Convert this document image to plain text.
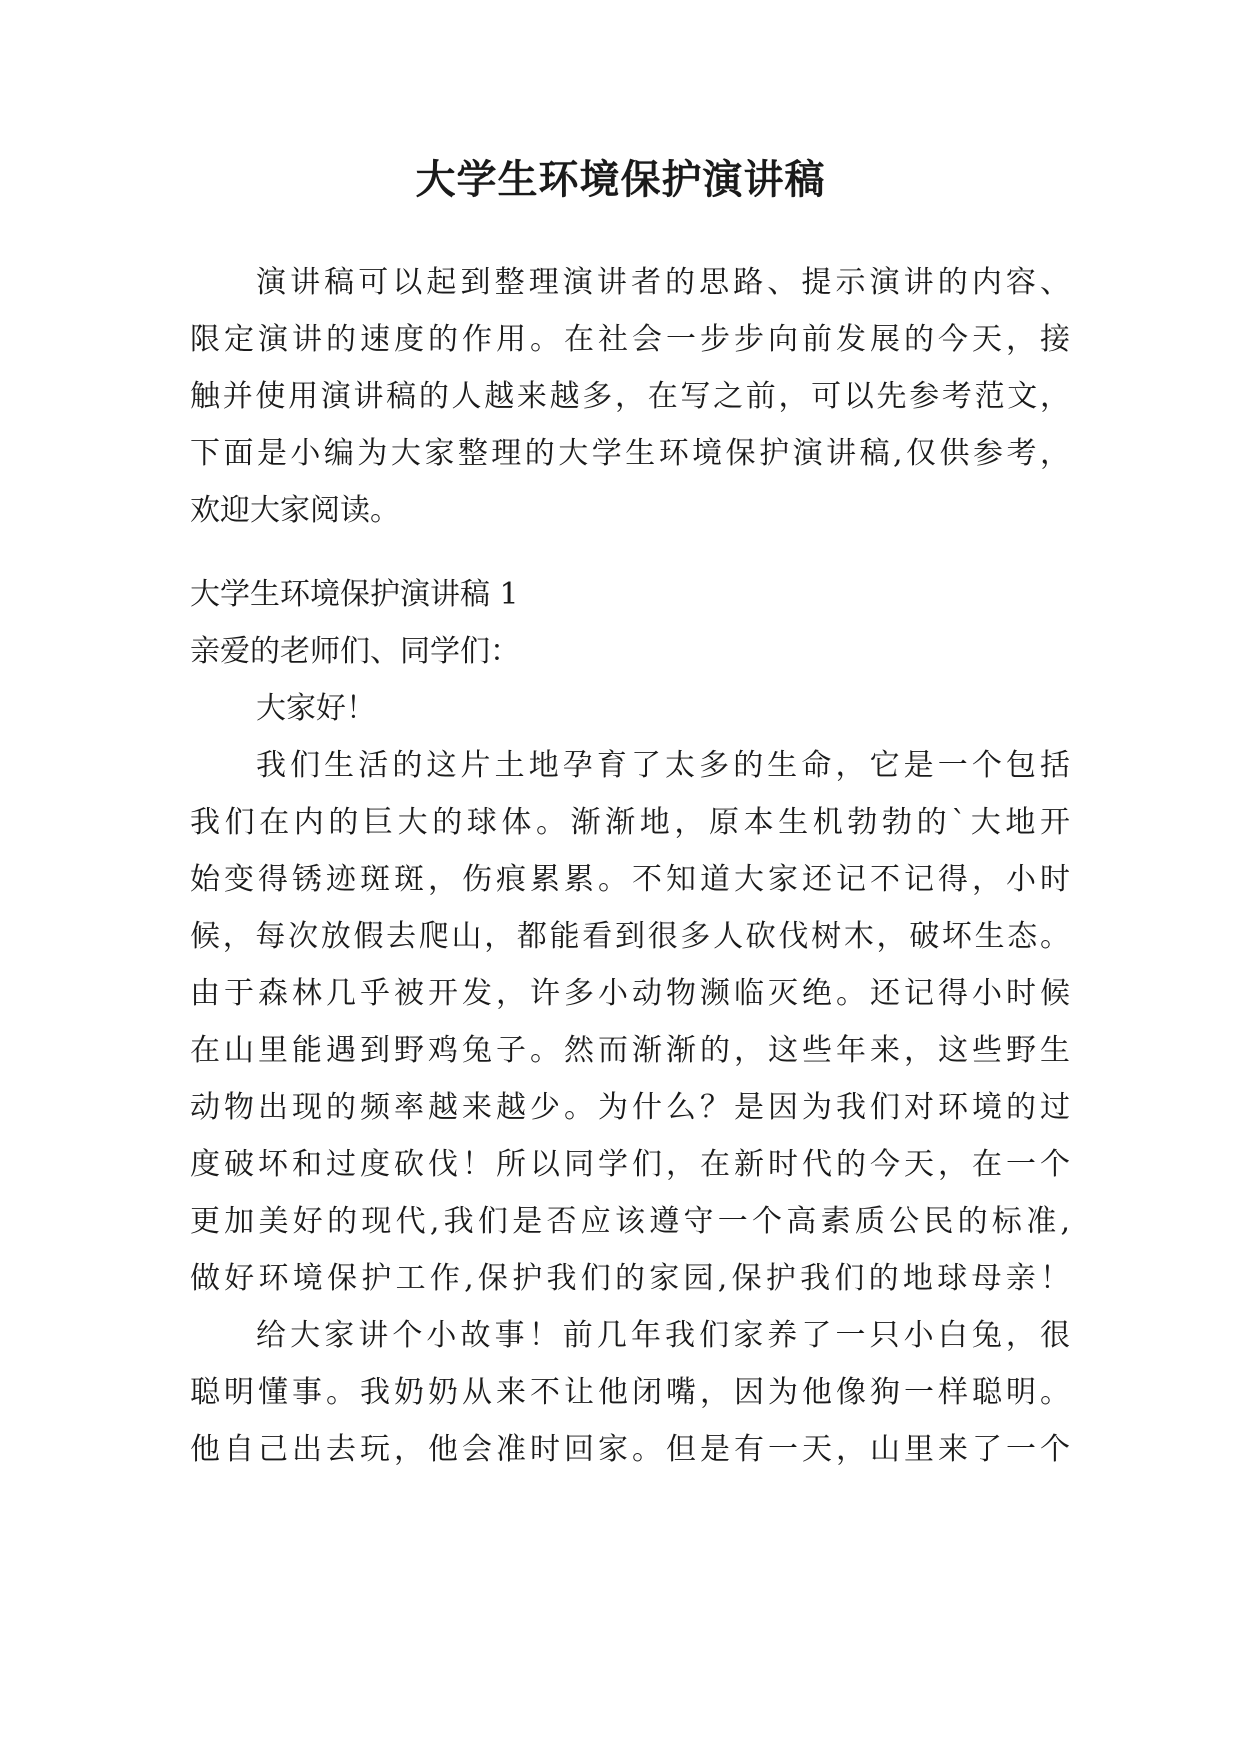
大学生环境保护演讲稿
演讲稿可以起到整理演讲者的思路、提示演讲的内容、
限定演讲的速度的作用。在社会一步步向前发展的今天，接
触并使用演讲稿的人越来越多，在写之前，可以先参考范文，
下面是小编为大家整理的大学生环境保护演讲稿,仅供参考，
欢迎大家阅读。
大学生环境保护演讲稿 1
亲爱的老师们、同学们：
大家好！
我们生活的这片土地孕育了太多的生命，它是一个包括
我们在内的巨大的球体。渐渐地，原本生机勃勃的`大地开
始变得锈迹斑斑，伤痕累累。不知道大家还记不记得，小时
候，每次放假去爬山，都能看到很多人砍伐树木，破坏生态。
由于森林几乎被开发，许多小动物濒临灭绝。还记得小时候
在山里能遇到野鸡兔子。然而渐渐的，这些年来，这些野生
动物出现的频率越来越少。为什么？是因为我们对环境的过
度破坏和过度砍伐！所以同学们，在新时代的今天，在一个
更加美好的现代,我们是否应该遵守一个高素质公民的标准,
做好环境保护工作,保护我们的家园,保护我们的地球母亲！
给大家讲个小故事！前几年我们家养了一只小白兔，很
聪明懂事。我奶奶从来不让他闭嘴，因为他像狗一样聪明。
他自己出去玩，他会准时回家。但是有一天，山里来了一个
